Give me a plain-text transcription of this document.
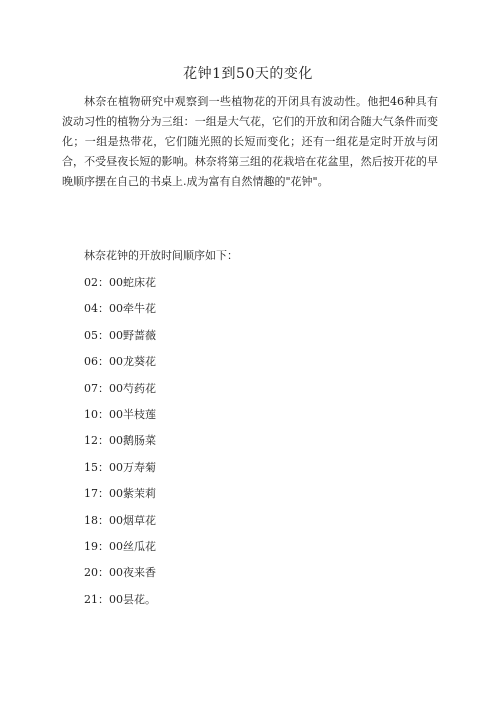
花钟1到50天的变化

林奈在植物研究中观察到一些植物花的开闭具有波动性。他把46种具有波动习性的植物分为三组：一组是大气花，它们的开放和闭合随大气条件而变化；一组是热带花，它们随光照的长短而变化；还有一组花是定时开放与闭合，不受昼夜长短的影响。林奈将第三组的花栽培在花盆里，然后按开花的早晚顺序摆在自己的书桌上.成为富有自然情趣的"花钟"。

林奈花钟的开放时间顺序如下：

02：00蛇床花
04：00牵牛花
05：00野蔷薇
06：00龙葵花
07：00芍药花
10：00半枝莲
12：00鹅肠菜
15：00万寿菊
17：00紫茉莉
18：00烟草花
19：00丝瓜花
20：00夜来香
21：00昙花。
